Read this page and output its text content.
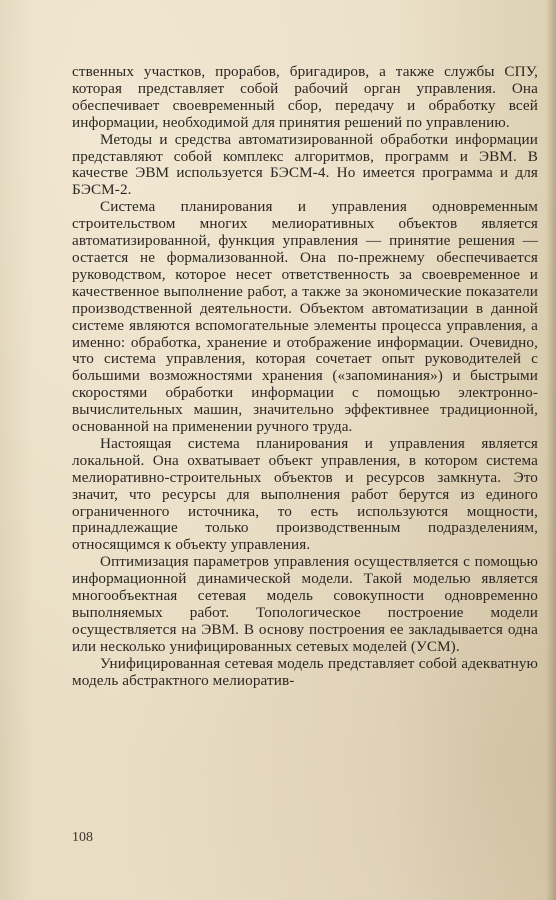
ственных участков, прорабов, бригадиров, а также службы СПУ, которая представляет собой рабочий орган управления. Она обеспечивает своевременный сбор, передачу и обработку всей информации, необходимой для принятия решений по управлению.

Методы и средства автоматизированной обработки информации представляют собой комплекс алгоритмов, программ и ЭВМ. В качестве ЭВМ используется БЭСМ-4. Но имеется программа и для БЭСМ-2.

Система планирования и управления одновременным строительством многих мелиоративных объектов является автоматизированной, функция управления — принятие решения — остается не формализованной. Она по-прежнему обеспечивается руководством, которое несет ответственность за своевременное и качественное выполнение работ, а также за экономические показатели производственной деятельности. Объектом автоматизации в данной системе являются вспомогательные элементы процесса управления, а именно: обработка, хранение и отображение информации. Очевидно, что система управления, которая сочетает опыт руководителей с большими возможностями хранения («запоминания») и быстрыми скоростями обработки информации с помощью электронно-вычислительных машин, значительно эффективнее традиционной, основанной на применении ручного труда.

Настоящая система планирования и управления является локальной. Она охватывает объект управления, в котором система мелиоративно-строительных объектов и ресурсов замкнута. Это значит, что ресурсы для выполнения работ берутся из единого ограниченного источника, то есть используются мощности, принадлежащие только производственным подразделениям, относящимся к объекту управления.

Оптимизация параметров управления осуществляется с помощью информационной динамической модели. Такой моделью является многообъектная сетевая модель совокупности одновременно выполняемых работ. Топологическое построение модели осуществляется на ЭВМ. В основу построения ее закладывается одна или несколько унифицированных сетевых моделей (УСМ).

Унифицированная сетевая модель представляет собой адекватную модель абстрактного мелиоратив-

108
